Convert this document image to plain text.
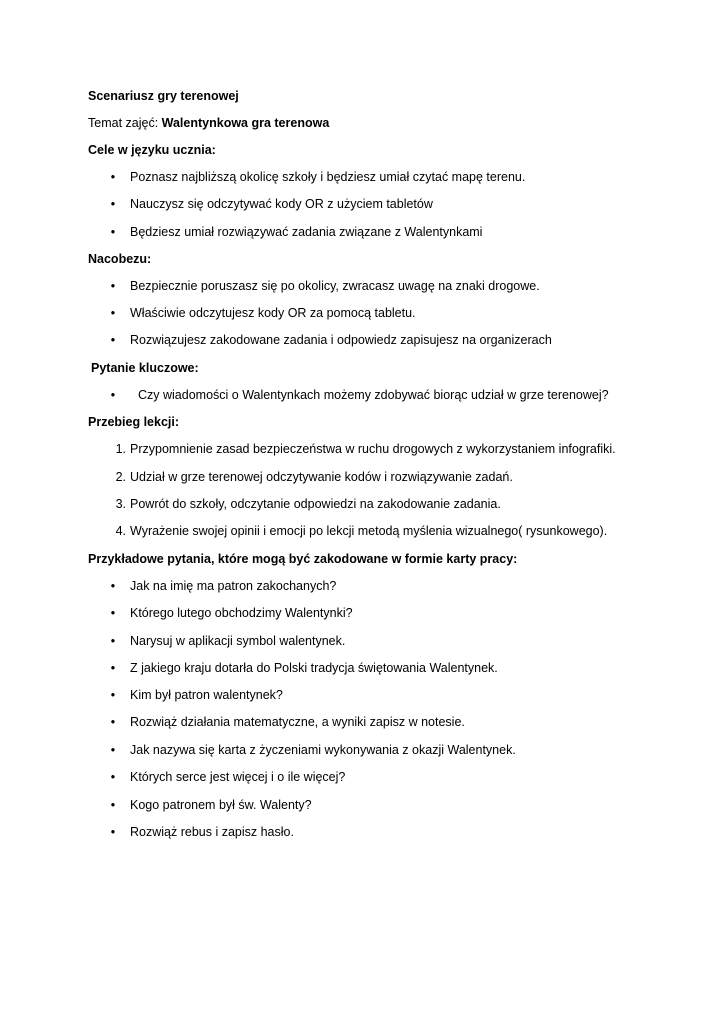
Scenariusz gry terenowej
Temat zajęć: Walentynkowa gra terenowa
Cele w języku ucznia:
•	Poznasz najbliższą okolicę szkoły i będziesz umiał czytać mapę terenu.
•	Nauczysz się odczytywać kody OR z użyciem tabletów
•	Będziesz umiał rozwiązywać zadania związane z Walentynkami
Nacobezu:
•	Bezpiecznie poruszasz się po okolicy, zwracasz uwagę na znaki drogowe.
•	Właściwie odczytujesz kody OR za pomocą tabletu.
•	Rozwiązujesz zakodowane zadania i odpowiedz zapisujesz na organizerach
Pytanie kluczowe:
•	Czy wiadomości o Walentynkach możemy zdobywać biorąc udział w grze terenowej?
Przebieg lekcji:
1. Przypomnienie zasad bezpieczeństwa w ruchu drogowych z wykorzystaniem infografiki.
2. Udział w grze terenowej odczytywanie kodów i rozwiązywanie zadań.
3. Powrót do szkoły, odczytanie odpowiedzi na zakodowanie zadania.
4. Wyrażenie swojej opinii i emocji po lekcji metodą myślenia wizualnego( rysunkowego).
Przykładowe pytania, które mogą być zakodowane w formie karty pracy:
•	Jak na imię ma patron zakochanych?
•	Którego lutego obchodzimy Walentynki?
•	Narysuj w aplikacji symbol walentynek.
•	Z jakiego kraju dotarła do Polski tradycja świętowania Walentynek.
•	Kim był patron walentynek?
•	Rozwiąż działania matematyczne, a wyniki zapisz w notesie.
•	Jak nazywa się karta z życzeniami wykonywania z okazji Walentynek.
•	Których serce jest więcej i o ile więcej?
•	Kogo patronem był św. Walenty?
•	Rozwiąż rebus i zapisz hasło.
